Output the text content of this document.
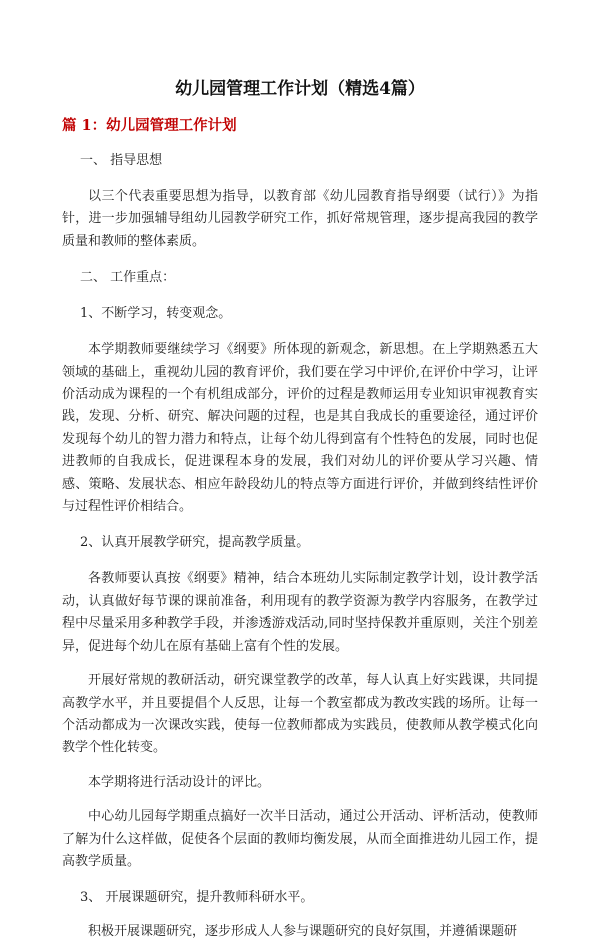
幼儿园管理工作计划（精选4篇）
篇 1：幼儿园管理工作计划
一、 指导思想
以三个代表重要思想为指导，以教育部《幼儿园教育指导纲要（试行）》为指针，进一步加强辅导组幼儿园教学研究工作，抓好常规管理，逐步提高我园的教学质量和教师的整体素质。
二、 工作重点：
1、不断学习，转变观念。
本学期教师要继续学习《纲要》所体现的新观念，新思想。在上学期熟悉五大领域的基础上，重视幼儿园的教育评价，我们要在学习中评价,在评价中学习，让评价活动成为课程的一个有机组成部分，评价的过程是教师运用专业知识审视教育实践，发现、分析、研究、解决问题的过程，也是其自我成长的重要途径，通过评价发现每个幼儿的智力潜力和特点，让每个幼儿得到富有个性特色的发展，同时也促进教师的自我成长，促进课程本身的发展，我们对幼儿的评价要从学习兴趣、情感、策略、发展状态、相应年龄段幼儿的特点等方面进行评价，并做到终结性评价与过程性评价相结合。
2、认真开展教学研究，提高教学质量。
各教师要认真按《纲要》精神，结合本班幼儿实际制定教学计划，设计教学活动，认真做好每节课的课前准备，利用现有的教学资源为教学内容服务，在教学过程中尽量采用多种教学手段，并渗透游戏活动,同时坚持保教并重原则，关注个别差异，促进每个幼儿在原有基础上富有个性的发展。
开展好常规的教研活动，研究课堂教学的改革，每人认真上好实践课，共同提高教学水平，并且要提倡个人反思，让每一个教室都成为教改实践的场所。让每一个活动都成为一次课改实践，使每一位教师都成为实践员，使教师从教学模式化向教学个性化转变。
本学期将进行活动设计的评比。
中心幼儿园每学期重点搞好一次半日活动，通过公开活动、评析活动，使教师了解为什么这样做，促使各个层面的教师均衡发展，从而全面推进幼儿园工作，提高教学质量。
3、 开展课题研究，提升教师科研水平。
积极开展课题研究，逐步形成人人参与课题研究的良好氛围，并遵循课题研
